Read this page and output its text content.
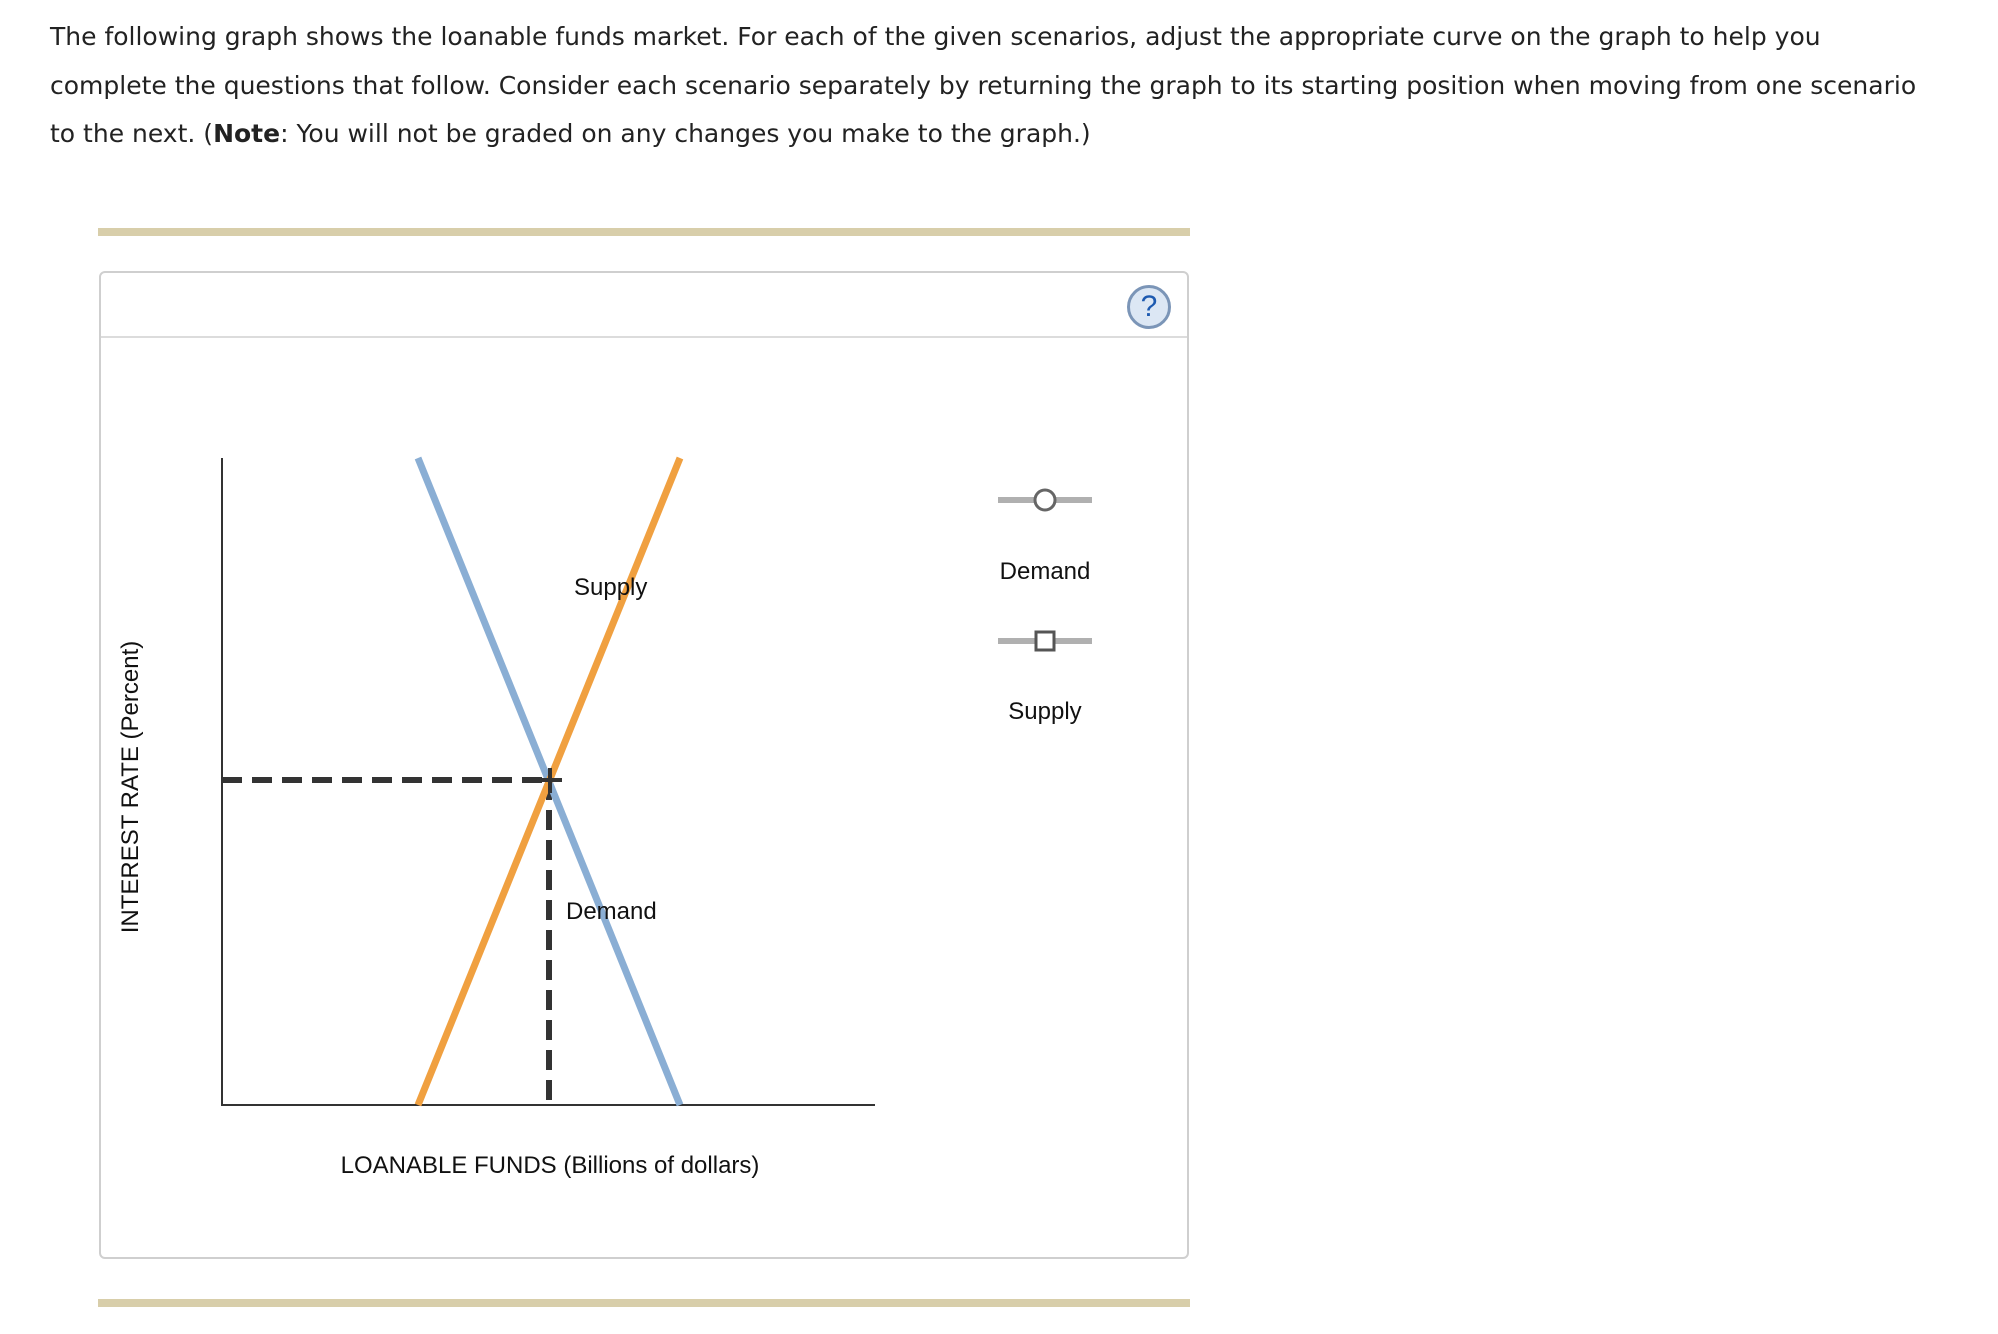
The following graph shows the loanable funds market. For each of the given scenarios, adjust the appropriate curve on the graph to help you complete the questions that follow. Consider each scenario separately by returning the graph to its starting position when moving from one scenario to the next. (Note: You will not be graded on any changes you make to the graph.)

?
Supply
Demand
INTEREST RATE (Percent)
LOANABLE FUNDS (Billions of dollars)
Demand
Supply
